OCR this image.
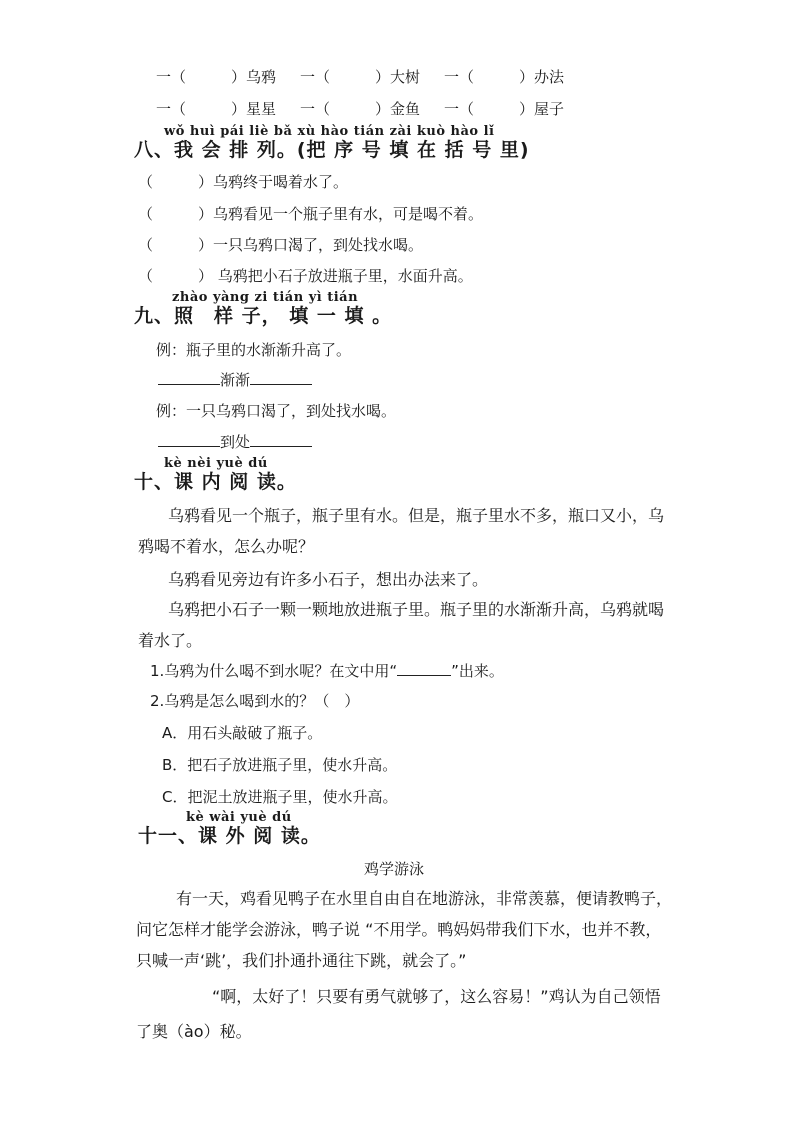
一（　　　）乌鸦 一（　　　）大树 一（　　　）办法
一（　　　）星星 一（　　　）金鱼 一（　　　）屋子
wǒ huì pái liè bǎ xù hào tián zài kuò hào lǐ
八、我 会 排 列。(把 序 号 填 在 括 号 里)
（　　　）乌鸦终于喝着水了。
（　　　）乌鸦看见一个瓶子里有水，可是喝不着。
（　　　）一只乌鸦口渴了，到处找水喝。
（　　　） 乌鸦把小石子放进瓶子里，水面升高。
zhào yàng zi tián yì tián
九、照　样 子， 填 一 填 。
例：瓶子里的水渐渐升高了。
渐渐
例：一只乌鸦口渴了，到处找水喝。
到处
kè nèi yuè dú
十、课 内 阅 读。
乌鸦看见一个瓶子，瓶子里有水。但是，瓶子里水不多，瓶口又小，乌
鸦喝不着水，怎么办呢？
乌鸦看见旁边有许多小石子，想出办法来了。
乌鸦把小石子一颗一颗地放进瓶子里。瓶子里的水渐渐升高，乌鸦就喝
着水了。
1.乌鸦为什么喝不到水呢？在文中用“	”出来。
2.乌鸦是怎么喝到水的？（　）
A．用石头敲破了瓶子。
B．把石子放进瓶子里，使水升高。
C．把泥土放进瓶子里，使水升高。
kè wài yuè dú
十一、课 外 阅 读。
鸡学游泳
有一天，鸡看见鸭子在水里自由自在地游泳，非常羡慕，便请教鸭子，
问它怎样才能学会游泳，鸭子说 “不用学。鸭妈妈带我们下水，也并不教，
只喊一声‘跳’，我们扑通扑通往下跳，就会了。”
“啊，太好了！只要有勇气就够了，这么容易！”鸡认为自己领悟
了奥（ào）秘。
